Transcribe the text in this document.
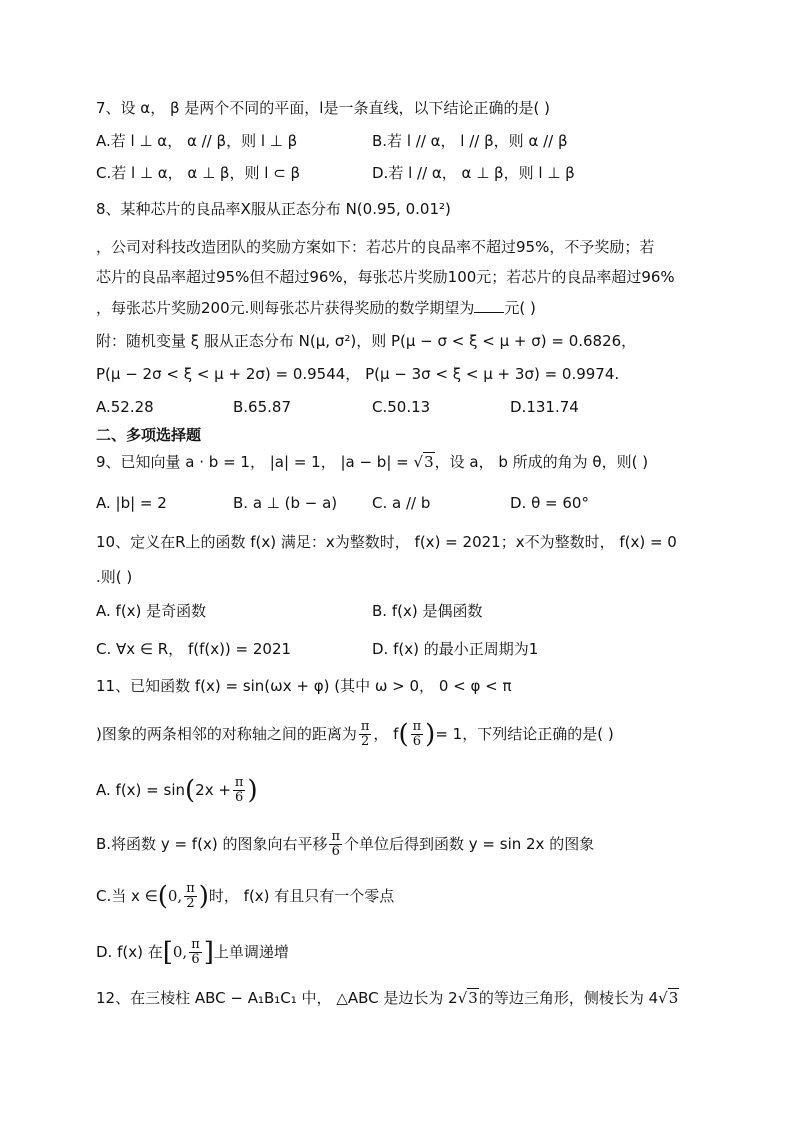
7、设 α， β 是两个不同的平面，l是一条直线，以下结论正确的是( )
A.若 l ⊥ α， α // β，则 l ⊥ β	B.若 l // α， l // β，则 α // β
C.若 l ⊥ α， α ⊥ β，则 l ⊂ β	D.若 l // α， α ⊥ β，则 l ⊥ β
8、某种芯片的良品率X服从正态分布 N(0.95, 0.01²)
，公司对科技改造团队的奖励方案如下：若芯片的良品率不超过95%，不予奖励；若
芯片的良品率超过95%但不超过96%，每张芯片奖励100元；若芯片的良品率超过96%
，每张芯片奖励200元.则每张芯片获得奖励的数学期望为 元( )
附：随机变量 ξ 服从正态分布 N(μ, σ²)，则 P(μ − σ < ξ < μ + σ) = 0.6826，
P(μ − 2σ < ξ < μ + 2σ) = 0.9544， P(μ − 3σ < ξ < μ + 3σ) = 0.9974.
A.52.28	B.65.87	C.50.13	D.131.74
二、多项选择题
9、已知向量 a · b = 1， |a| = 1， |a − b| = √3，设 a， b 所成的角为 θ，则( )
A. |b| = 2	B. a ⊥ (b − a) C. a // b	D. θ = 60°
10、定义在R上的函数 f(x) 满足：x为整数时， f(x) = 2021；x不为整数时， f(x) = 0
.则( )
A. f(x) 是奇函数	B. f(x) 是偶函数
C. ∀x ∈ R， f(f(x)) = 2021	D. f(x) 的最小正周期为1
11、已知函数 f(x) = sin(ωx + φ) (其中 ω > 0， 0 < φ < π
)图象的两条相邻的对称轴之间的距离为 $\frac{\pi}{2}$ ， $f( \frac{\pi}{6}$ )= 1，下列结论正确的是( )
A. $f(x) = \sin(2x + \frac{\pi}{6}$ )
B.将函数 y = f(x) 的图象向右平移 $\frac{\pi}{6}$ 个单位后得到函数 y = sin 2x 的图象
C.当 x ∈(0, $\frac{\pi}{2}$ )时， f(x) 有且只有一个零点
D. f(x) 在[0, $\frac{\pi}{6}$ ]上单调递增
12、在三棱柱 ABC − A₁B₁C₁ 中， △ABC 是边长为 2√3的等边三角形，侧棱长为 4√3
